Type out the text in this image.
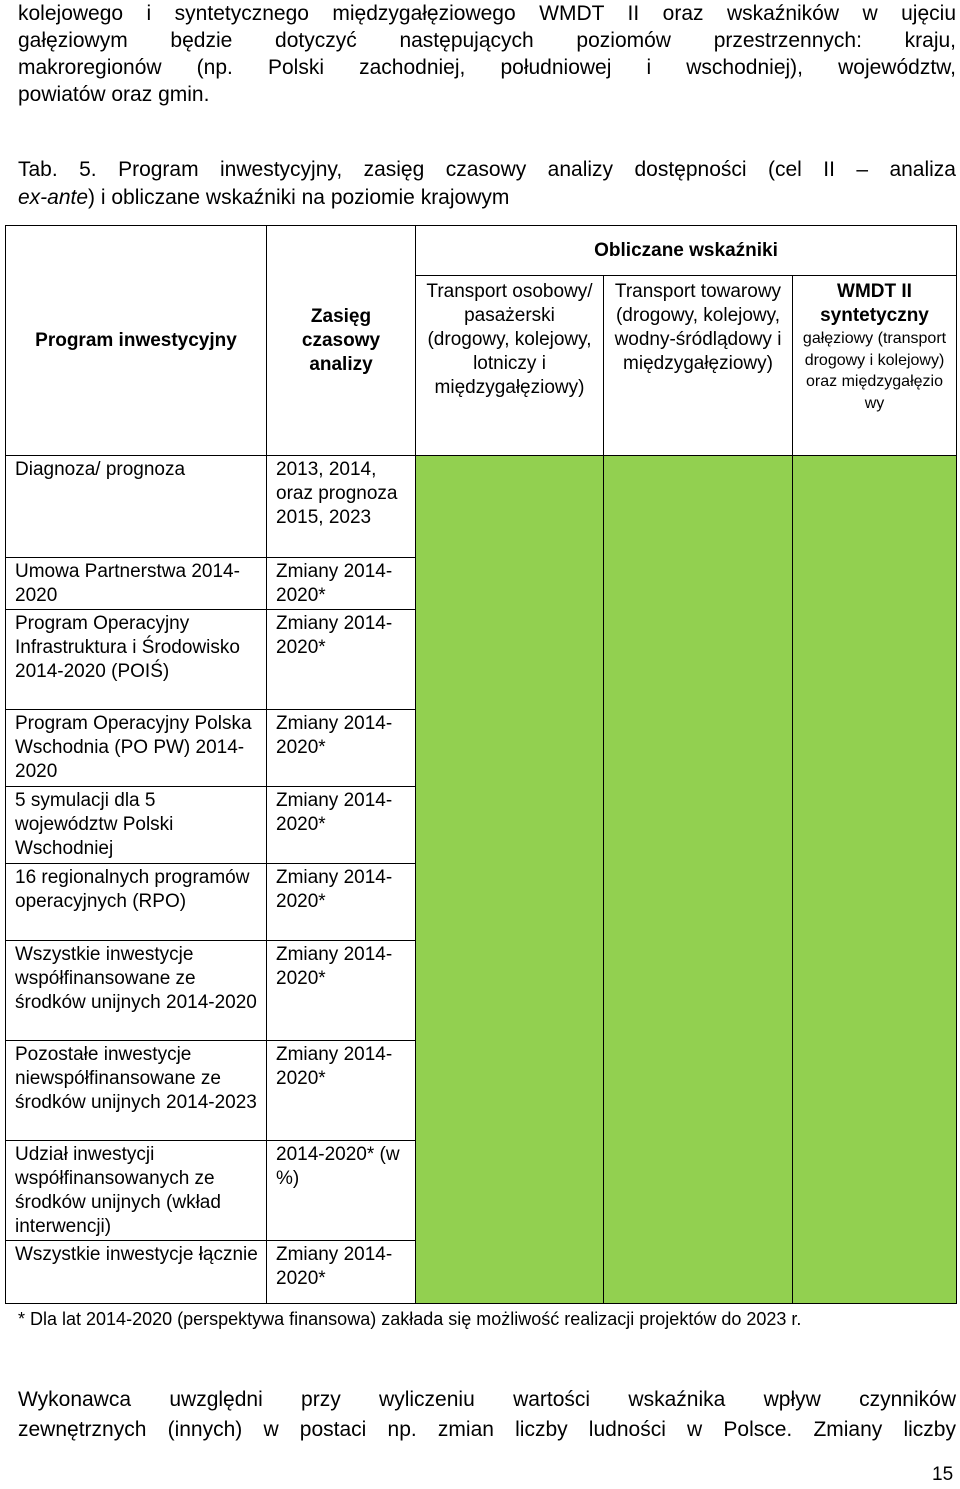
kolejowego i syntetycznego międzygałęziowego WMDT II oraz wskaźników w ujęciu
gałęziowym będzie dotyczyć następujących poziomów przestrzennych: kraju,
makroregionów (np. Polski zachodniej, południowej i wschodniej), województw,
powiatów oraz gmin.
Tab. 5. Program inwestycyjny, zasięg czasowy analizy dostępności (cel II – analiza
ex-ante) i obliczane wskaźniki na poziomie krajowym
Program inwestycyjny	Zasięg czasowy analizy	Obliczane wskaźniki		
		Transport osobowy/ pasażerski (drogowy, kolejowy, lotniczy i międzygałęziowy)	Transport towarowy (drogowy, kolejowy, wodny-śródlądowy i międzygałęziowy)	WMDT II syntetyczny
gałęziowy (transport drogowy i kolejowy) oraz międzygałęzio wy
Diagnoza/ prognoza	2013, 2014, oraz prognoza 2015, 2023			
Umowa Partnerstwa 2014-2020	Zmiany 2014-2020*			
Program Operacyjny Infrastruktura i Środowisko 2014-2020 (POIŚ)	Zmiany 2014-2020*			
Program Operacyjny Polska Wschodnia (PO PW) 2014-2020	Zmiany 2014-2020*			
5 symulacji dla 5 województw Polski Wschodniej	Zmiany 2014-2020*			
16 regionalnych programów operacyjnych (RPO)	Zmiany 2014-2020*			
Wszystkie inwestycje współfinansowane ze środków unijnych 2014-2020	Zmiany 2014-2020*			
Pozostałe inwestycje niewspółfinansowane ze środków unijnych 2014-2023	Zmiany 2014-2020*			
Udział inwestycji współfinansowanych ze środków unijnych (wkład interwencji)	2014-2020* (w %)			
Wszystkie inwestycje łącznie	Zmiany 2014-2020*			
* Dla lat 2014-2020 (perspektywa finansowa) zakłada się możliwość realizacji projektów do 2023 r.
Wykonawca uwzględni przy wyliczeniu wartości wskaźnika wpływ czynników
zewnętrznych (innych) w postaci np. zmian liczby ludności w Polsce. Zmiany liczby
15
